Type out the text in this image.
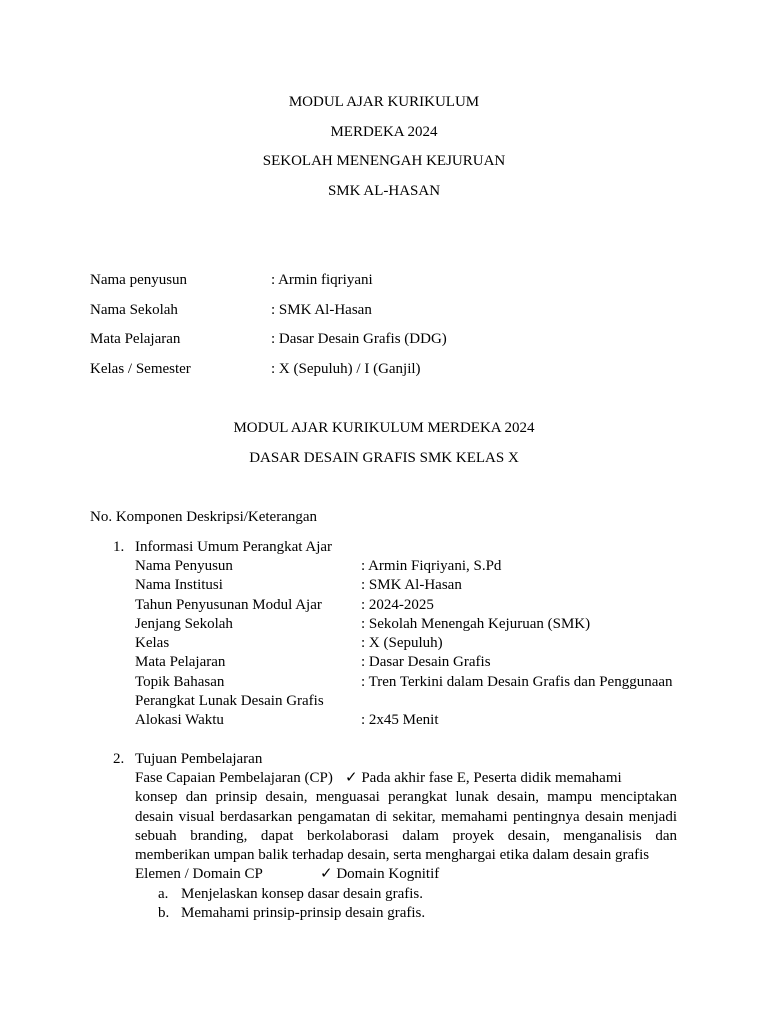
MODUL AJAR KURIKULUM
MERDEKA 2024
SEKOLAH MENENGAH KEJURUAN
SMK AL-HASAN
Nama penyusun	: Armin fiqriyani
Nama Sekolah	: SMK Al-Hasan
Mata Pelajaran	: Dasar Desain Grafis (DDG)
Kelas / Semester	: X (Sepuluh) / I (Ganjil)
MODUL AJAR KURIKULUM MERDEKA 2024
DASAR DESAIN GRAFIS SMK KELAS X
No. Komponen Deskripsi/Keterangan
1. Informasi Umum Perangkat Ajar
Nama Penyusun	: Armin Fiqriyani, S.Pd
Nama Institusi	: SMK Al-Hasan
Tahun Penyusunan Modul Ajar	: 2024-2025
Jenjang Sekolah	: Sekolah Menengah Kejuruan (SMK)
Kelas	: X (Sepuluh)
Mata Pelajaran	: Dasar Desain Grafis
Topik Bahasan	: Tren Terkini dalam Desain Grafis dan Penggunaan
Perangkat Lunak Desain Grafis
Alokasi Waktu	: 2x45 Menit
2. Tujuan Pembelajaran
Fase Capaian Pembelajaran (CP) ✓ Pada akhir fase E, Peserta didik memahami
konsep dan prinsip desain, menguasai perangkat lunak desain, mampu menciptakan
desain visual berdasarkan pengamatan di sekitar, memahami pentingnya desain menjadi
sebuah branding, dapat berkolaborasi dalam proyek desain, menganalisis dan
memberikan umpan balik terhadap desain, serta menghargai etika dalam desain grafis
Elemen / Domain CP	✓ Domain Kognitif
a. Menjelaskan konsep dasar desain grafis.
b. Memahami prinsip-prinsip desain grafis.
